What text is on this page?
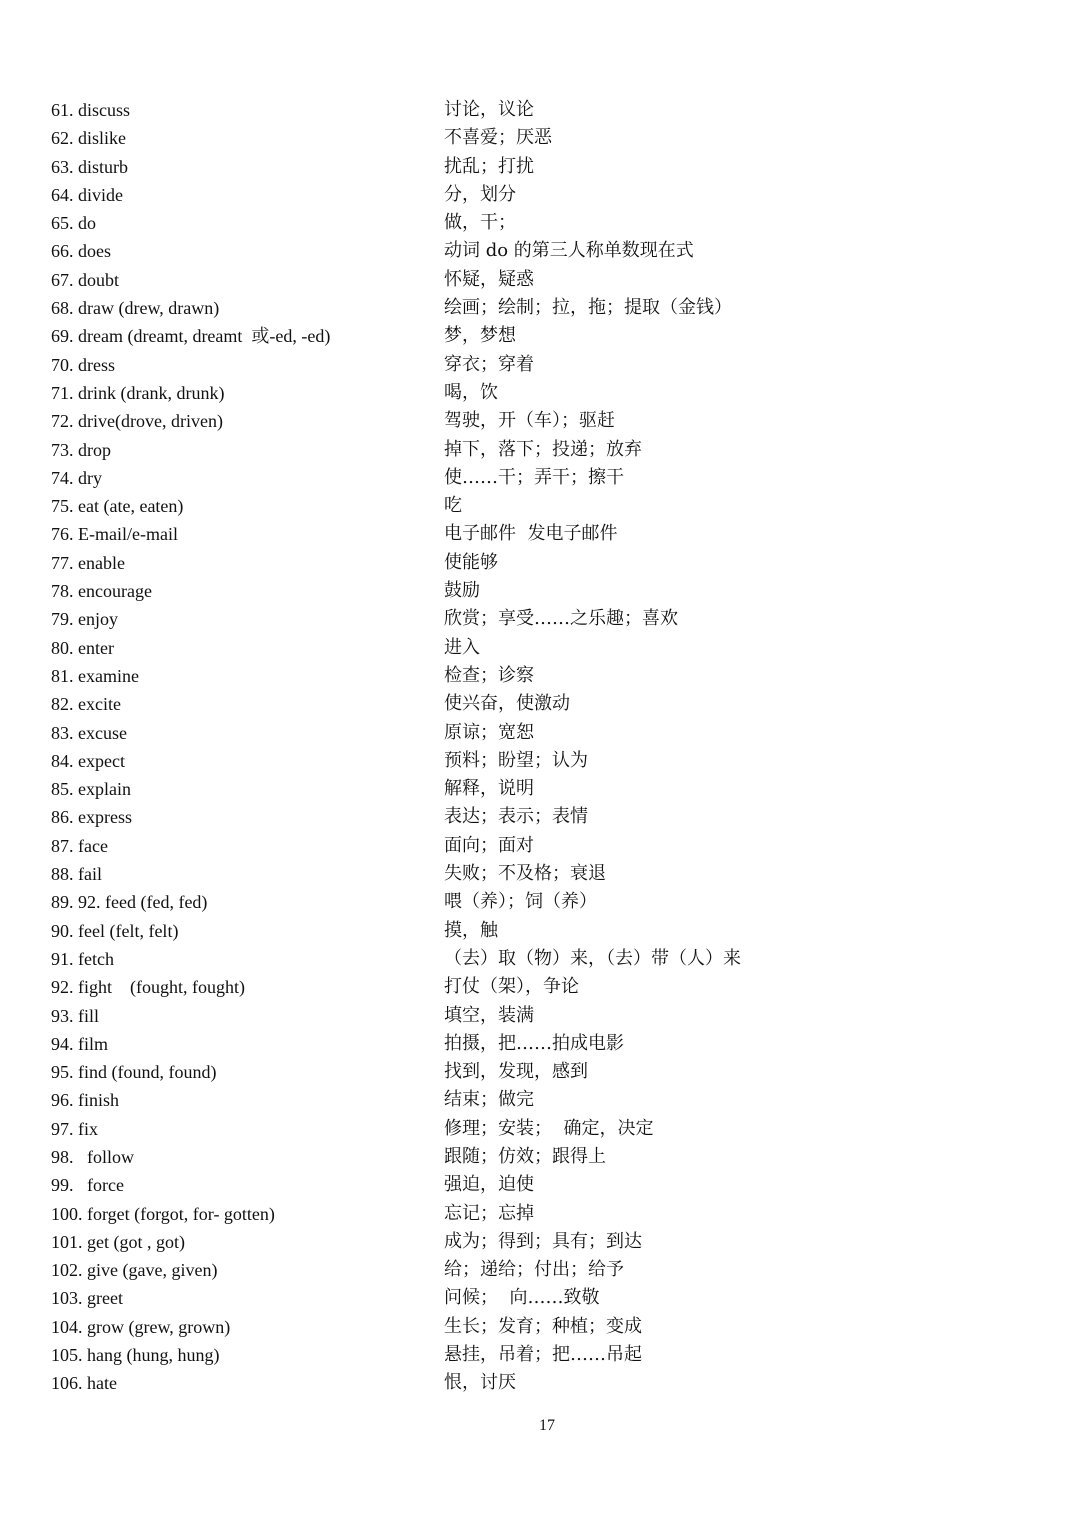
61. discuss	讨论，议论
62. dislike	不喜爱；厌恶
63. disturb	扰乱；打扰
64. divide	分，划分
65. do	做，干；
66. does	动词 do 的第三人称单数现在式
67. doubt	怀疑，疑惑
68. draw (drew, drawn)	绘画；绘制；拉，拖；提取（金钱）
69. dream (dreamt, dreamt  或-ed, -ed)	梦，梦想
70. dress	穿衣；穿着
71. drink (drank, drunk)	喝，饮
72. drive(drove, driven)	驾驶，开（车）；驱赶
73. drop	掉下，落下；投递；放弃
74. dry	使……干；弄干；擦干
75. eat (ate, eaten)	吃
76. E-mail/e-mail	电子邮件  发电子邮件
77. enable	使能够
78. encourage	鼓励
79. enjoy	欣赏；享受……之乐趣；喜欢
80. enter	进入
81. examine	检查；诊察
82. excite	使兴奋，使激动
83. excuse	原谅；宽恕
84. expect	预料；盼望；认为
85. explain	解释，说明
86. express	表达；表示；表情
87. face	面向；面对
88. fail	失败；不及格；衰退
89. 92. feed (fed, fed)	喂（养）；饲（养）
90. feel (felt, felt)	摸，触
91. fetch	（去）取（物）来，（去）带（人）来
92. fight    (fought, fought)	打仗（架），争论
93. fill	填空，装满
94. film	拍摄，把……拍成电影
95. find (found, found)	找到，发现，感到
96. finish	结束；做完
97. fix	修理；安装；  确定，决定
98.   follow	跟随；仿效；跟得上
99.   force	强迫，迫使
100. forget (forgot, for- gotten)	忘记；忘掉
101. get (got , got)	成为；得到；具有；到达
102. give (gave, given)	给；递给；付出；给予
103. greet	问候；  向……致敬
104. grow (grew, grown)	生长；发育；种植；变成
105. hang (hung, hung)	悬挂，吊着；把……吊起
106. hate	恨，讨厌
17
